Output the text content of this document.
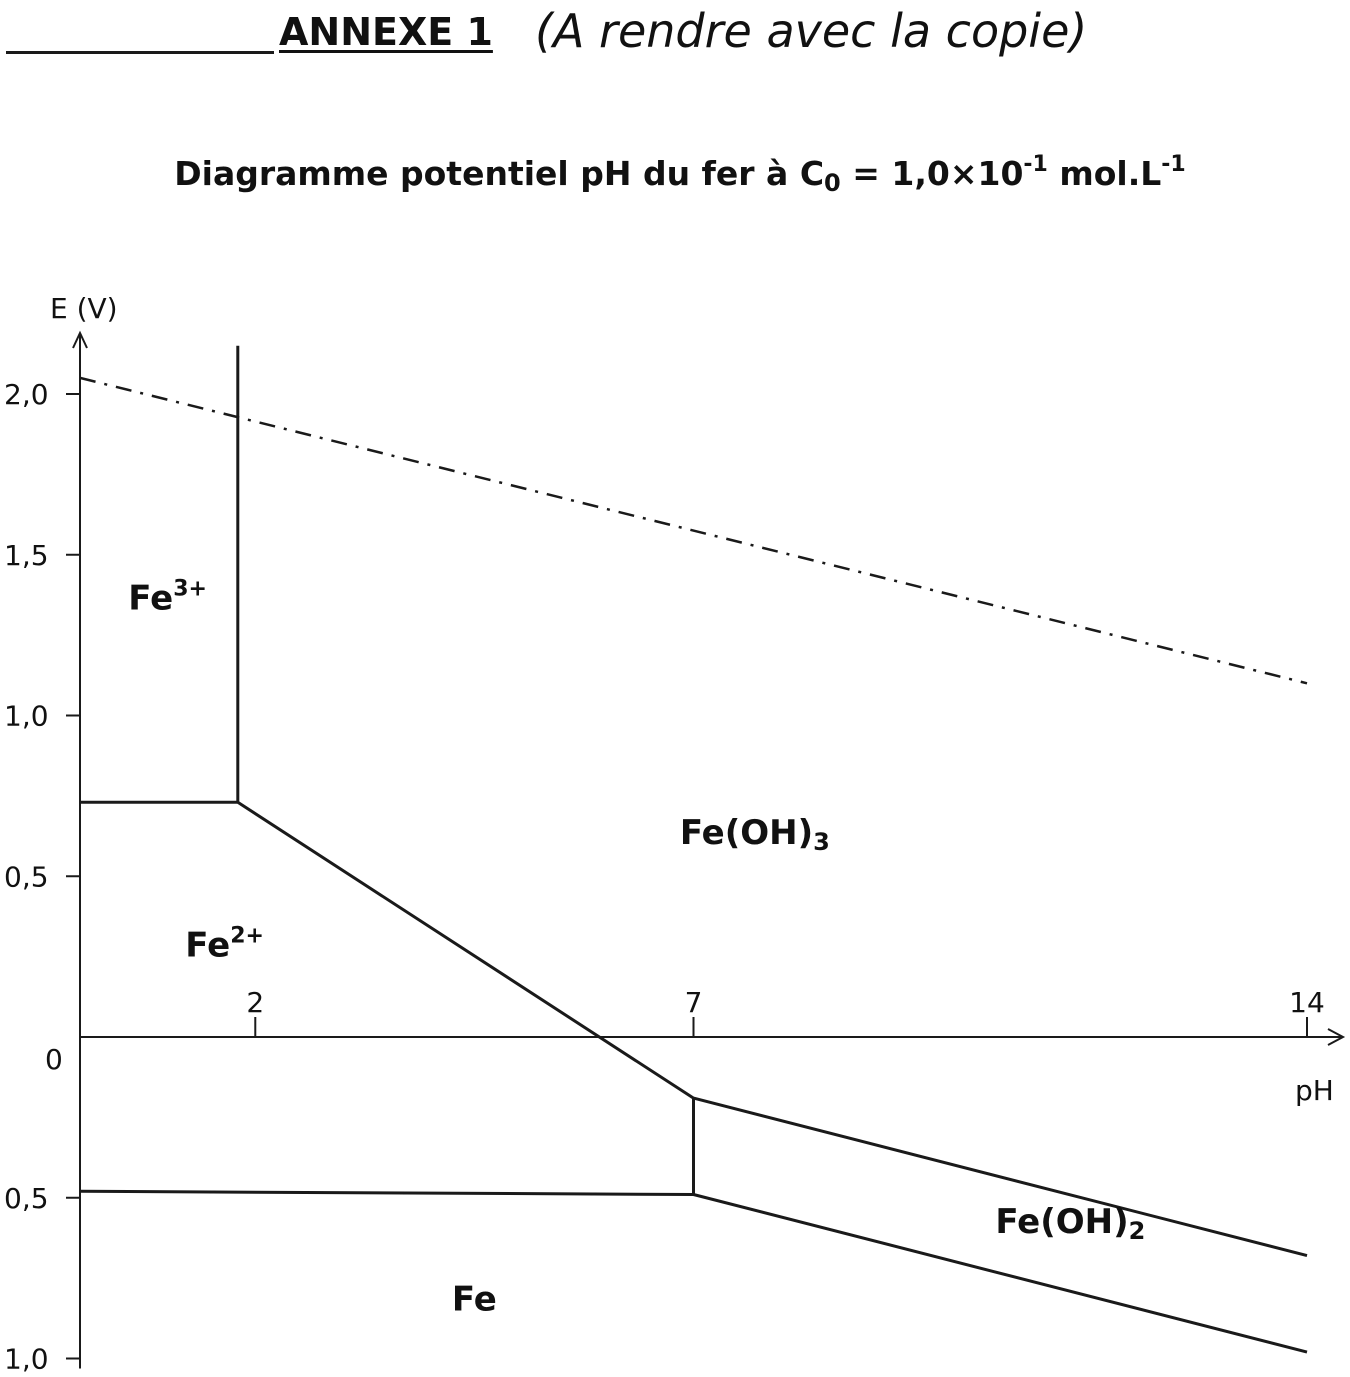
ANNEXE 1 (A rendre avec la copie)
Diagramme potentiel pH du fer à $C_0 = 1,0\times 10^{-1}$ $mol.L^{-1}$
E (V)
pH
2,0
1,5
1,0
0,5
0
0,5
1,0
2	7	14
$Fe^{3+}$
Fe(OH)3
$Fe^{2+}$
Fe(OH)2
Fe
